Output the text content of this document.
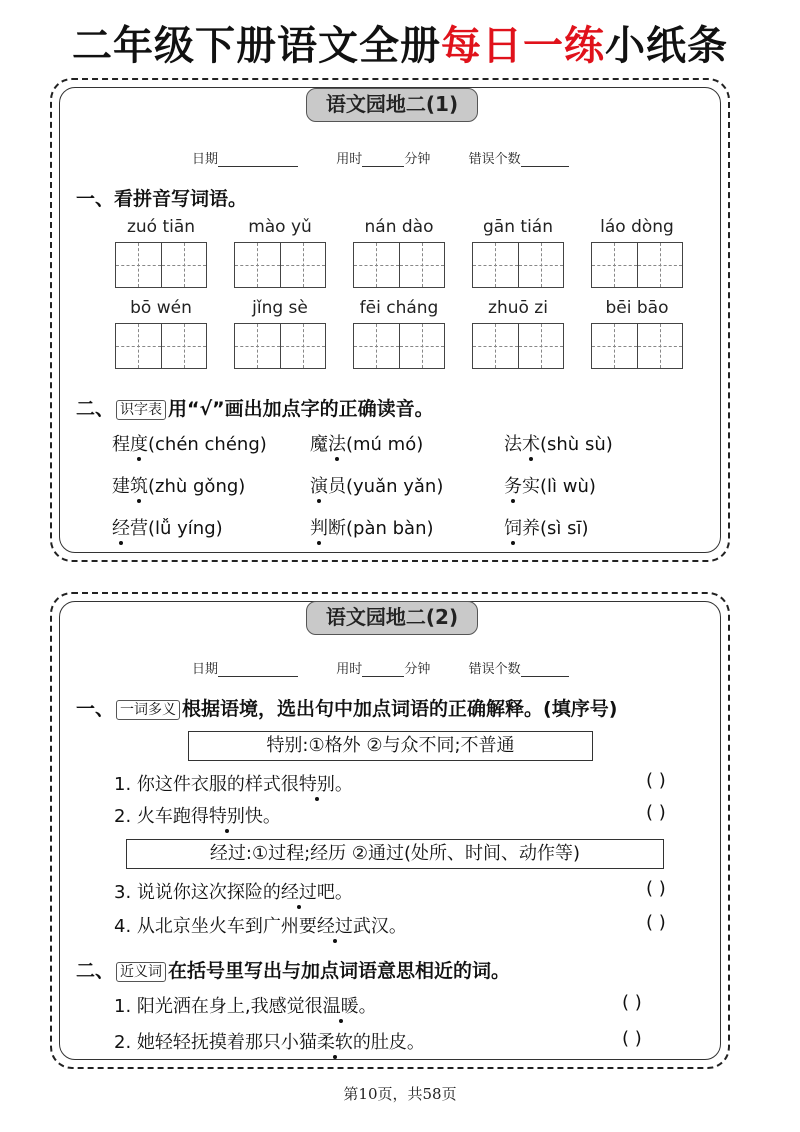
二年级下册语文全册每日一练小纸条
语文园地二(1)
日期	用时	分钟	错误个数
一、看拼音写词语。
zuó tiān	mào yǔ	nán dào	gān tián	láo dòng
bō wén	jǐng sè	fēi cháng	zhuō zi	bēi bāo
二、 识字表 用“√”画出加点字的正确读音。
程度(chén chéng) 魔法(mú mó)	法术(shù sù)
建筑(zhù gǒng)	演员(yuǎn yǎn)	务实(lì wù)
经营(lǚ yíng)	判断(pàn bàn)	饲养(sì sī)
语文园地二(2)
日期	用时	分钟	错误个数
一、 一词多义 根据语境，选出句中加点词语的正确解释。(填序号)
特别:①格外 ②与众不同;不普通
1. 你这件衣服的样式很特别。	( )
2. 火车跑得特别快。	( )
经过:①过程;经历 ②通过(处所、时间、动作等)
3. 说说你这次探险的经过吧。	( )
4. 从北京坐火车到广州要经过武汉。	( )
二、 近义词 在括号里写出与加点词语意思相近的词。
1. 阳光洒在身上,我感觉很温暖。	( )
2. 她轻轻抚摸着那只小猫柔软的肚皮。	( )
第10页，共58页
